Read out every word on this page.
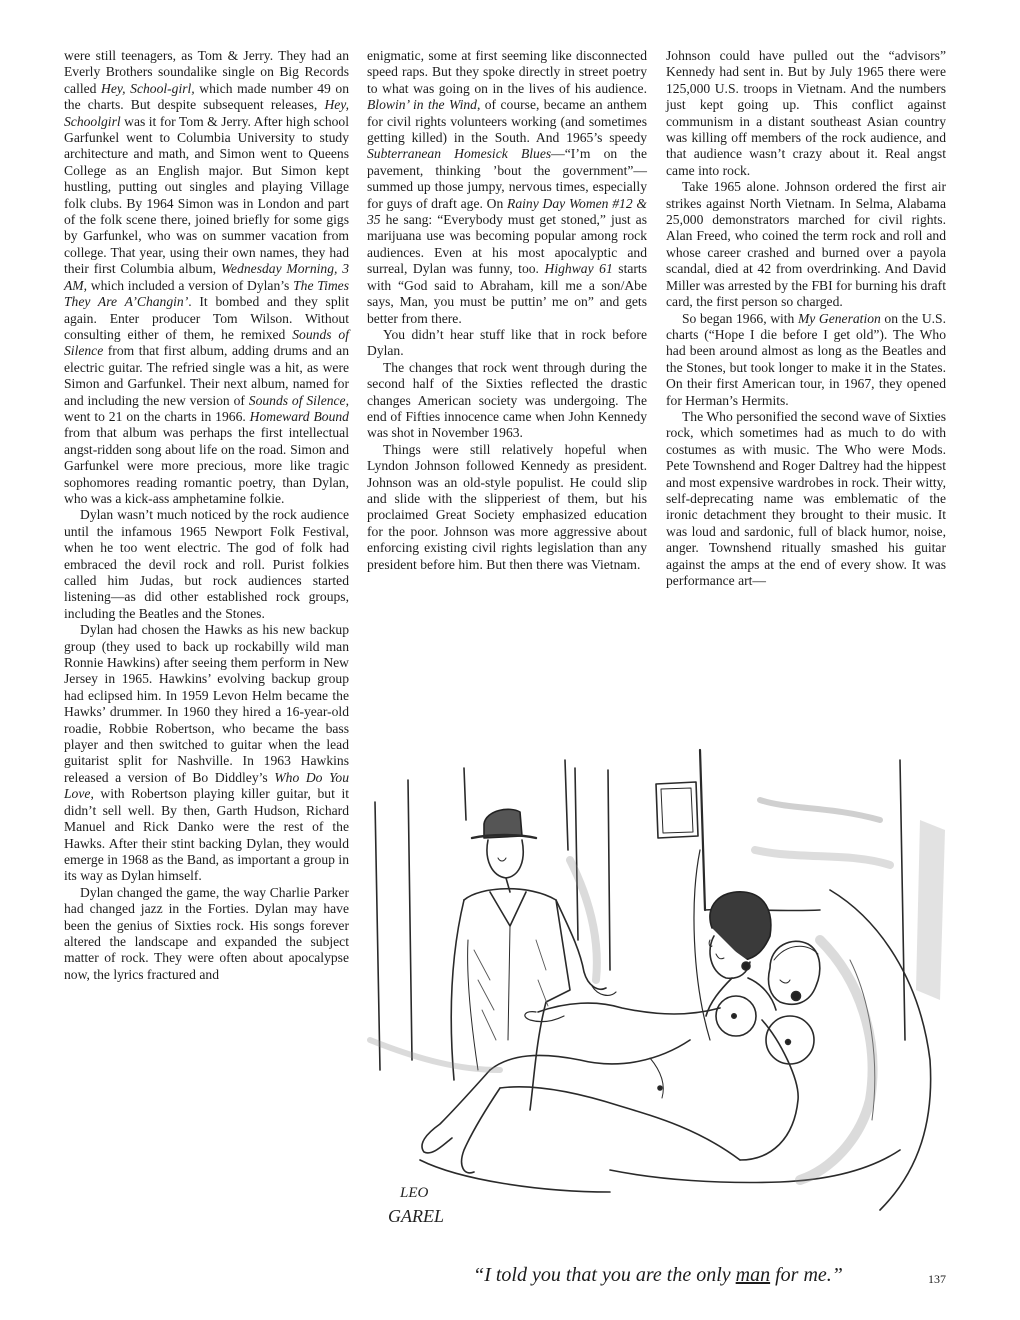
were still teenagers, as Tom & Jerry. They had an Everly Brothers soundalike single on Big Records called Hey, School-girl, which made number 49 on the charts. But despite subsequent releases, Hey, Schoolgirl was it for Tom & Jerry. After high school Garfunkel went to Columbia University to study architecture and math, and Simon went to Queens College as an English major. But Simon kept hustling, putting out singles and playing Village folk clubs. By 1964 Simon was in London and part of the folk scene there, joined briefly for some gigs by Garfunkel, who was on summer vacation from college. That year, using their own names, they had their first Columbia album, Wednesday Morning, 3 AM, which included a version of Dylan’s The Times They Are A’Changin’. It bombed and they split again. Enter producer Tom Wilson. Without consulting either of them, he remixed Sounds of Silence from that first album, adding drums and an electric guitar. The refried single was a hit, as were Simon and Garfunkel. Their next album, named for and including the new version of Sounds of Silence, went to 21 on the charts in 1966. Homeward Bound from that album was perhaps the first intellectual angst-ridden song about life on the road. Simon and Garfunkel were more precious, more like tragic sophomores reading romantic poetry, than Dylan, who was a kick-ass amphetamine folkie.

Dylan wasn’t much noticed by the rock audience until the infamous 1965 Newport Folk Festival, when he too went electric. The god of folk had embraced the devil rock and roll. Purist folkies called him Judas, but rock audiences started listening—as did other established rock groups, including the Beatles and the Stones.

Dylan had chosen the Hawks as his new backup group (they used to back up rockabilly wild man Ronnie Hawkins) after seeing them perform in New Jersey in 1965. Hawkins’ evolving backup group had eclipsed him. In 1959 Levon Helm became the Hawks’ drummer. In 1960 they hired a 16-year-old roadie, Robbie Robertson, who became the bass player and then switched to guitar when the lead guitarist split for Nashville. In 1963 Hawkins released a version of Bo Diddley’s Who Do You Love, with Robertson playing killer guitar, but it didn’t sell well. By then, Garth Hudson, Richard Manuel and Rick Danko were the rest of the Hawks. After their stint backing Dylan, they would emerge in 1968 as the Band, as important a group in its way as Dylan himself.

Dylan changed the game, the way Charlie Parker had changed jazz in the Forties. Dylan may have been the genius of Sixties rock. His songs forever altered the landscape and expanded the subject matter of rock. They were often about apocalypse now, the lyrics fractured and

enigmatic, some at first seeming like disconnected speed raps. But they spoke directly in street poetry to what was going on in the lives of his audience. Blowin’ in the Wind, of course, became an anthem for civil rights volunteers working (and sometimes getting killed) in the South. And 1965’s speedy Subterranean Homesick Blues—“I’m on the pavement, thinking ’bout the government”—summed up those jumpy, nervous times, especially for guys of draft age. On Rainy Day Women #12 & 35 he sang: “Everybody must get stoned,” just as marijuana use was becoming popular among rock audiences. Even at his most apocalyptic and surreal, Dylan was funny, too. Highway 61 starts with “God said to Abraham, kill me a son/Abe says, Man, you must be puttin’ me on” and gets better from there.

You didn’t hear stuff like that in rock before Dylan.

The changes that rock went through during the second half of the Sixties reflected the drastic changes American society was undergoing. The end of Fifties innocence came when John Kennedy was shot in November 1963.

Things were still relatively hopeful when Lyndon Johnson followed Kennedy as president. Johnson was an old-style populist. He could slip and slide with the slipperiest of them, but his proclaimed Great Society emphasized education for the poor. Johnson was more aggressive about enforcing existing civil rights legislation than any president before him. But then there was Vietnam.

Johnson could have pulled out the “advisors” Kennedy had sent in. But by July 1965 there were 125,000 U.S. troops in Vietnam. And the numbers just kept going up. This conflict against communism in a distant southeast Asian country was killing off members of the rock audience, and that audience wasn’t crazy about it. Real angst came into rock.

Take 1965 alone. Johnson ordered the first air strikes against North Vietnam. In Selma, Alabama 25,000 demonstrators marched for civil rights. Alan Freed, who coined the term rock and roll and whose career crashed and burned over a payola scandal, died at 42 from overdrinking. And David Miller was arrested by the FBI for burning his draft card, the first person so charged.

So began 1966, with My Generation on the U.S. charts (“Hope I die before I get old”). The Who had been around almost as long as the Beatles and the Stones, but took longer to make it in the States. On their first American tour, in 1967, they opened for Herman’s Hermits.

The Who personified the second wave of Sixties rock, which sometimes had as much to do with costumes as with music. The Who were Mods. Pete Townshend and Roger Daltrey had the hippest and most expensive wardrobes in rock. Their witty, self-deprecating name was emblematic of the ironic detachment they brought to their music. It was loud and sardonic, full of black humor, noise, anger. Townshend ritually smashed his guitar against the amps at the end of every show. It was performance art—

LEO
GAREL
“I told you that you are the only man for me.”	137
